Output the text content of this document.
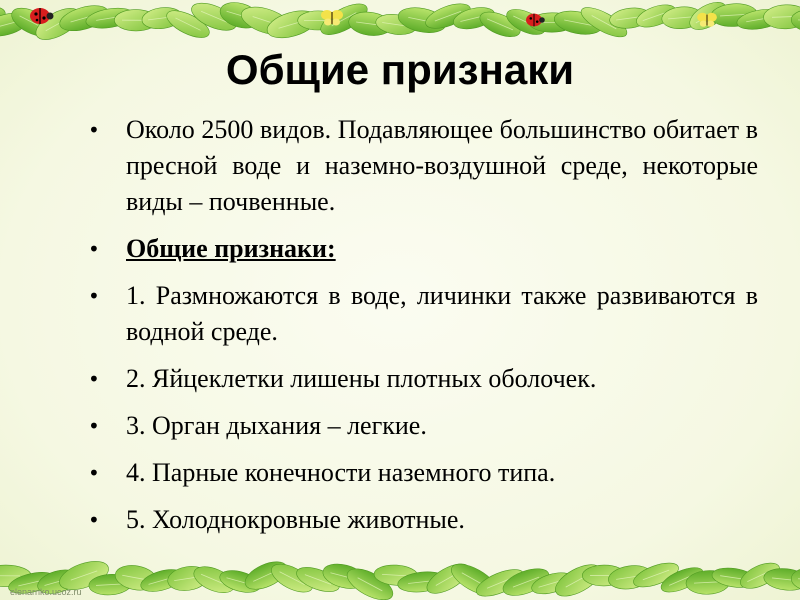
Общие признаки
• Около 2500 видов. Подавляющее большинство обитает в пресной воде и наземно-воздушной среде, некоторые виды – почвенные.
• Общие признаки:
• 1. Размножаются в воде, личинки также развиваются в водной среде.
• 2. Яйцеклетки лишены плотных оболочек.
• 3. Орган дыхания – легкие.
• 4. Парные конечности наземного типа.
• 5. Холоднокровные животные.
elenarnko.ucoz.ru
